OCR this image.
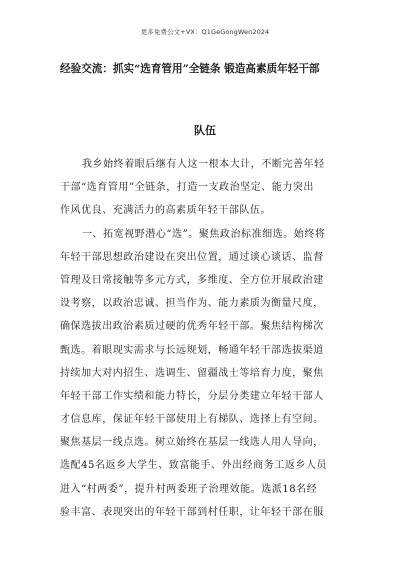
更多免费公文+VX：Q1GeGongWen2024
经验交流：抓实“选育管用”全链条 锻造高素质年轻干部
队伍
我乡始终着眼后继有人这一根本大计，不断完善年轻
干部“选育管用”全链条，打造一支政治坚定、能力突出
作风优良、充满活力的高素质年轻干部队伍。
一、拓宽视野潜心“选”。聚焦政治标准细选。始终将
年轻干部思想政治建设在突出位置，通过谈心谈话、监督
管理及日常接触等多元方式，多维度、全方位开展政治建
设考察，以政治忠诚、担当作为、能力素质为衡量尺度，
确保选拔出政治素质过硬的优秀年轻干部。聚焦结构梯次
甄选。着眼现实需求与长远规划，畅通年轻干部选拔渠道
持续加大对内招生、选调生、留疆战士等培育力度，聚焦
年轻干部工作实绩和能力特长，分层分类建立年轻干部人
才信息库，保证年轻干部使用上有梯队、选择上有空间。
聚焦基层一线点选。树立始终在基层一线选人用人导向，
选配45名返乡大学生、致富能手、外出经商务工返乡人员
进入“村两委”，提升村两委班子治理效能。选派18名经
验丰富、表现突出的年轻干部到村任职，让年轻干部在服
